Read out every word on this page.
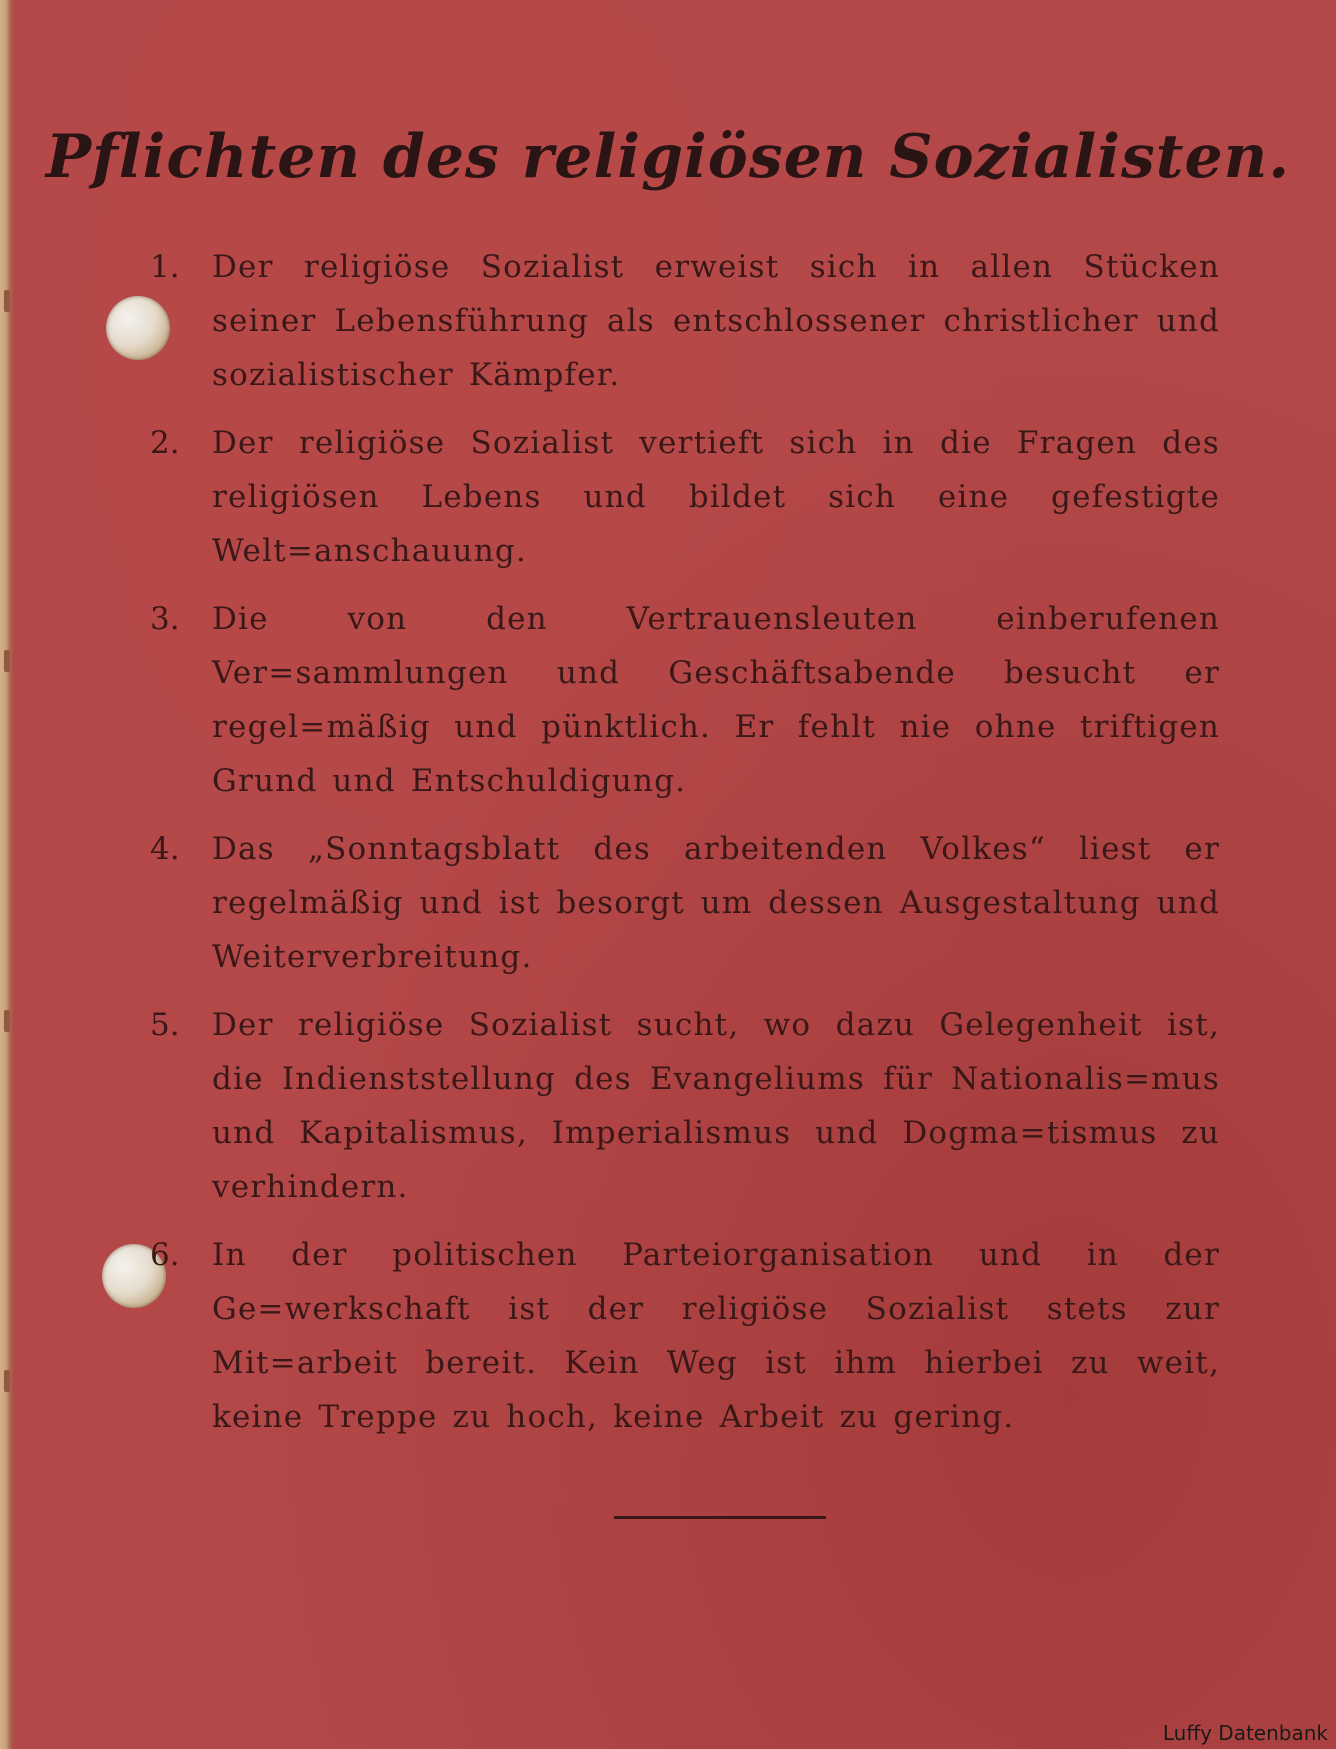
Pflichten des religiösen Sozialisten.
1.	Der religiöse Sozialist erweist sich in allen Stücken seiner Lebensführung als entschlossener christlicher und sozialistischer Kämpfer.
2.	Der religiöse Sozialist vertieft sich in die Fragen des religiösen Lebens und bildet sich eine gefestigte Welt=anschauung.
3.	Die von den Vertrauensleuten einberufenen Ver=sammlungen und Geschäftsabende besucht er regel=mäßig und pünktlich. Er fehlt nie ohne triftigen Grund und Entschuldigung.
4.	Das „Sonntagsblatt des arbeitenden Volkes“ liest er regelmäßig und ist besorgt um dessen Ausgestaltung und Weiterverbreitung.
5.	Der religiöse Sozialist sucht, wo dazu Gelegenheit ist, die Indienststellung des Evangeliums für Nationalis=mus und Kapitalismus, Imperialismus und Dogma=tismus zu verhindern.
6.	In der politischen Parteiorganisation und in der Ge=werkschaft ist der religiöse Sozialist stets zur Mit=arbeit bereit. Kein Weg ist ihm hierbei zu weit, keine Treppe zu hoch, keine Arbeit zu gering.
Luffy Datenbank
